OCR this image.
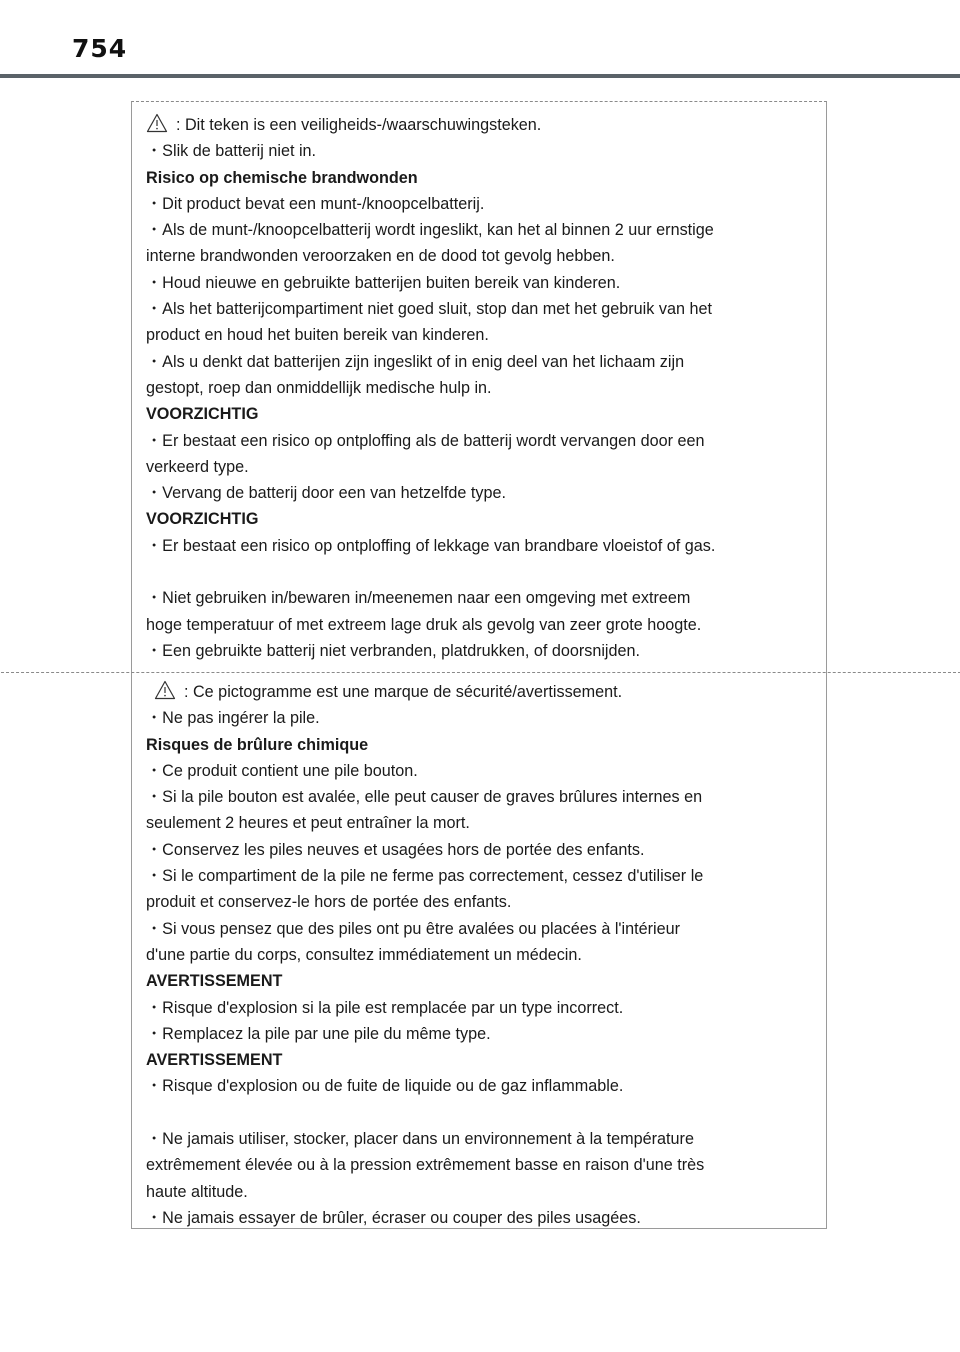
754
: Dit teken is een veiligheids-/waarschuwingsteken.
・Slik de batterij niet in.
Risico op chemische brandwonden
・Dit product bevat een munt-/knoopcelbatterij.
・Als de munt-/knoopcelbatterij wordt ingeslikt, kan het al binnen 2 uur ernstige
interne brandwonden veroorzaken en de dood tot gevolg hebben.
・Houd nieuwe en gebruikte batterijen buiten bereik van kinderen.
・Als het batterijcompartiment niet goed sluit, stop dan met het gebruik van het
product en houd het buiten bereik van kinderen.
・Als u denkt dat batterijen zijn ingeslikt of in enig deel van het lichaam zijn
gestopt, roep dan onmiddellijk medische hulp in.
VOORZICHTIG
・Er bestaat een risico op ontploffing als de batterij wordt vervangen door een
verkeerd type.
・Vervang de batterij door een van hetzelfde type.
VOORZICHTIG
・Er bestaat een risico op ontploffing of lekkage van brandbare vloeistof of gas.
・Niet gebruiken in/bewaren in/meenemen naar een omgeving met extreem
hoge temperatuur of met extreem lage druk als gevolg van zeer grote hoogte.
・Een gebruikte batterij niet verbranden, platdrukken, of doorsnijden.
: Ce pictogramme est une marque de sécurité/avertissement.
・Ne pas ingérer la pile.
Risques de brûlure chimique
・Ce produit contient une pile bouton.
・Si la pile bouton est avalée, elle peut causer de graves brûlures internes en
seulement 2 heures et peut entraîner la mort.
・Conservez les piles neuves et usagées hors de portée des enfants.
・Si le compartiment de la pile ne ferme pas correctement, cessez d'utiliser le
produit et conservez-le hors de portée des enfants.
・Si vous pensez que des piles ont pu être avalées ou placées à l'intérieur
d'une partie du corps, consultez immédiatement un médecin.
AVERTISSEMENT
・Risque d'explosion si la pile est remplacée par un type incorrect.
・Remplacez la pile par une pile du même type.
AVERTISSEMENT
・Risque d'explosion ou de fuite de liquide ou de gaz inflammable.
・Ne jamais utiliser, stocker, placer dans un environnement à la température
extrêmement élevée ou à la pression extrêmement basse en raison d'une très
haute altitude.
・Ne jamais essayer de brûler, écraser ou couper des piles usagées.
